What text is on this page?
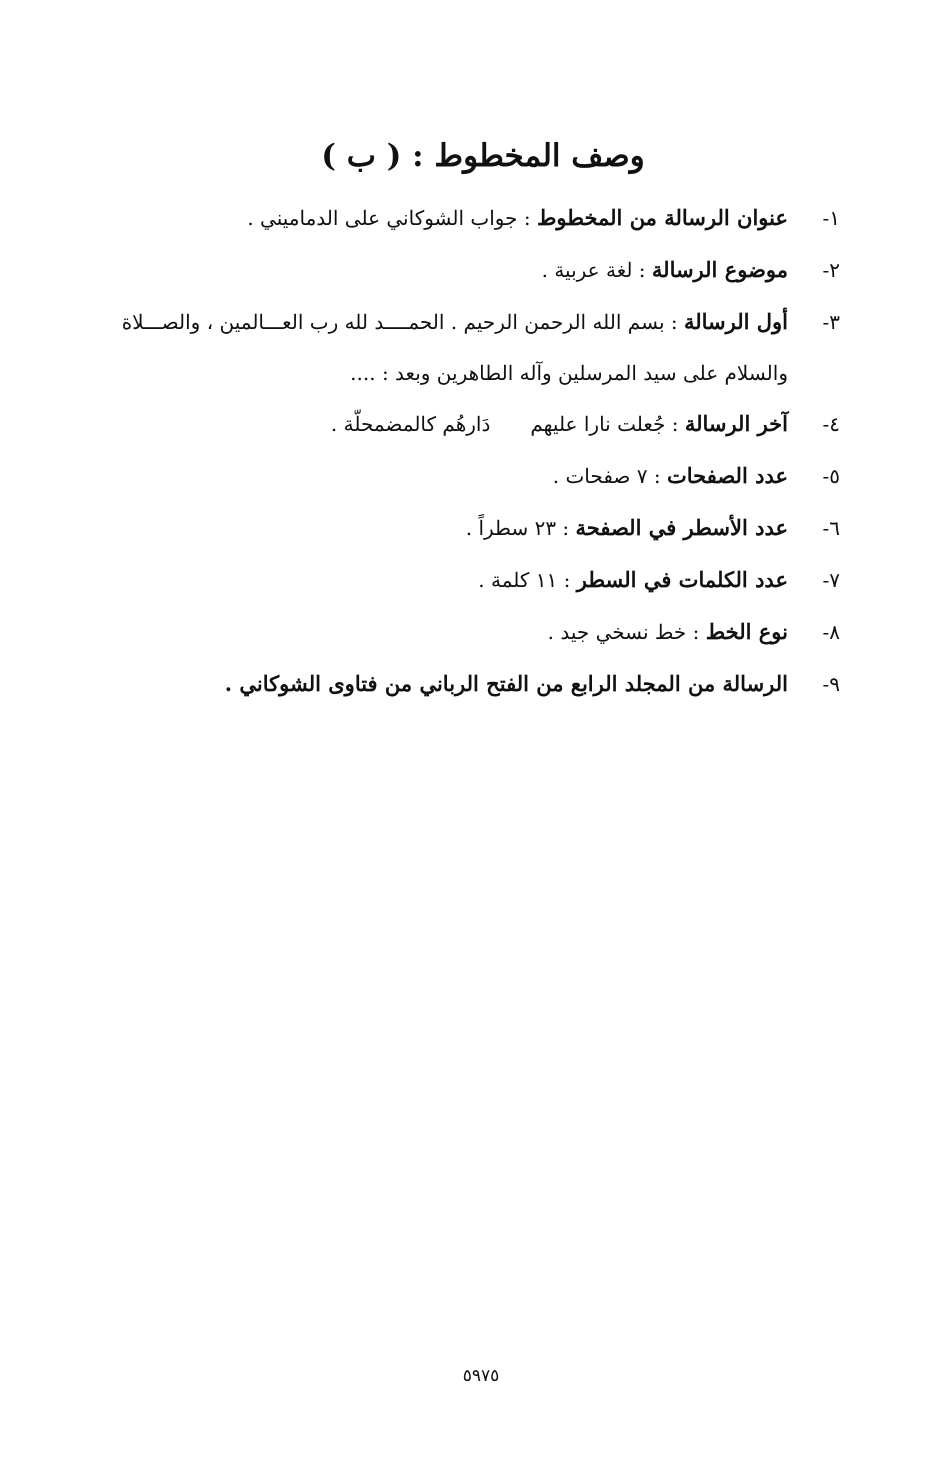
وصف المخطوط : ( ب )
١-
عنوان الرسالة من المخطوط : جواب الشوكاني على الدماميني .
٢-
موضوع الرسالة : لغة عربية .
٣-
أول الرسالة : بسم الله الرحمن الرحيم . الحمــــد لله رب العـــالمين ، والصـــلاة
والسلام على سيد المرسلين وآله الطاهرين وبعد : ....
٤-
آخر الرسالة : جُعلت نارا عليهمدَارهُم كالمضمحلّة .
٥-
عدد الصفحات : ٧ صفحات .
٦-
عدد الأسطر في الصفحة : ٢٣ سطراً .
٧-
عدد الكلمات في السطر : ١١ كلمة .
٨-
نوع الخط : خط نسخي جيد .
٩-
الرسالة من المجلد الرابع من الفتح الرباني من فتاوى الشوكاني .
٥٩٧٥
